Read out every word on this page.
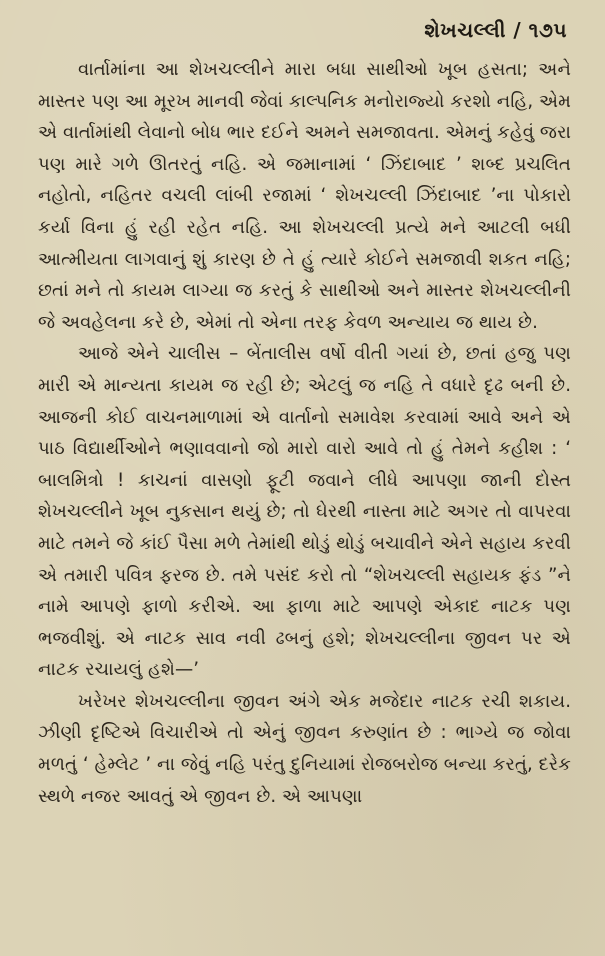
શેખચલ્લી / ૧૭૫

વાર્તામાંના આ શેખચલ્લીને મારા બધા સાથીઓ ખૂબ હસતા; અને માસ્તર પણ આ મૂરખ માનવી જેવાં કાલ્પનિક મનોરાજ્યો કરશો નહિ, એમ એ વાર્તામાંથી લેવાનો બોધ ભાર દઈને અમને સમજાવતા. એમનું કહેવું જરા પણ મારે ગળે ઊતરતું નહિ. એ જમાનામાં ‘ ઝિંદાબાદ ’ શબ્દ પ્રચલિત નહોતો, નહિતર વચલી લાંબી રજામાં ‘ શેખચલ્લી ઝિંદાબાદ ’ના પોકારો કર્યા વિના હું રહી રહેત નહિ. આ શેખચલ્લી પ્રત્યે મને આટલી બધી આત્મીયતા લાગવાનું શું કારણ છે તે હું ત્યારે કોઈને સમજાવી શકત નહિ; છતાં મને તો કાયમ લાગ્યા જ કરતું કે સાથીઓ અને માસ્તર શેખચલ્લીની જે અવહેલના કરે છે, એમાં તો એના તરફ કેવળ અન્યાય જ થાય છે.

આજે એને ચાલીસ – બેંતાલીસ વર્ષો વીતી ગયાં છે, છતાં હજુ પણ મારી એ માન્યતા કાયમ જ રહી છે; એટલું જ નહિ તે વધારે દૃઢ બની છે. આજની કોઈ વાચનમાળામાં એ વાર્તાનો સમાવેશ કરવામાં આવે અને એ પાઠ વિદ્યાર્થીઓને ભણાવવાનો જો મારો વારો આવે તો હું તેમને કહીશ : ‘ બાલમિત્રો ! કાચનાં વાસણો ફૂટી જવાને લીધે આપણા જાની દોસ્ત શેખચલ્લીને ખૂબ નુકસાન થયું છે; તો ઘેરથી નાસ્તા માટે અગર તો વાપરવા માટે તમને જે કાંઈ પૈસા મળે તેમાંથી થોડું થોડું બચાવીને એને સહાય કરવી એ તમારી પવિત્ર ફરજ છે. તમે પસંદ કરો તો “શેખચલ્લી સહાયક ફંડ ”ને નામે આપણે ફાળો કરીએ. આ ફાળા માટે આપણે એકાદ નાટક પણ ભજવીશું. એ નાટક સાવ નવી ઢબનું હશે; શેખચલ્લીના જીવન પર એ નાટક રચાયલું હશે—’

ખરેખર શેખચલ્લીના જીવન અંગે એક મજેદાર નાટક રચી શકાય. ઝીણી દૃષ્ટિએ વિચારીએ તો એનું જીવન કરુણાંત છે : ભાગ્યે જ જોવા મળતું ‘ હેમ્લેટ ’ ના જેવું નહિ પરંતુ દુનિયામાં રોજબરોજ બન્યા કરતું, દરેક સ્થળે નજર આવતું એ જીવન છે. એ આપણા
